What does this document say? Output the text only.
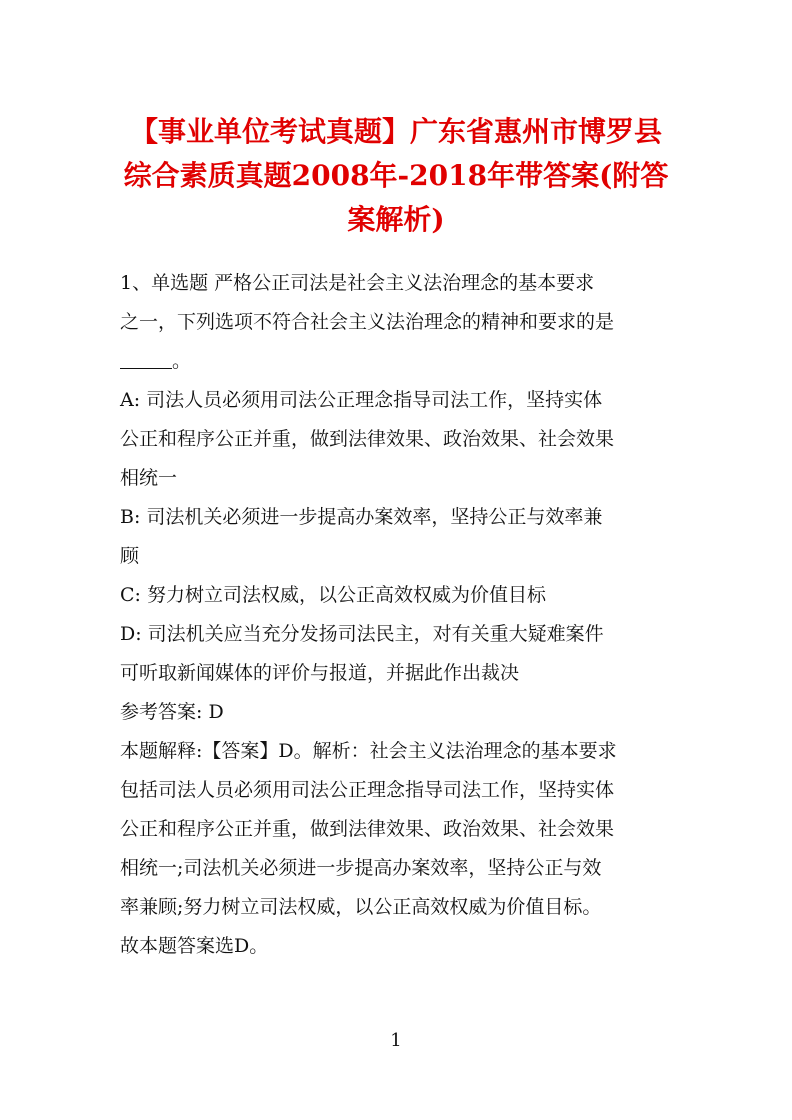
【事业单位考试真题】广东省惠州市博罗县
综合素质真题2008年-2018年带答案(附答
案解析)
1、单选题 严格公正司法是社会主义法治理念的基本要求
之一，下列选项不符合社会主义法治理念的精神和要求的是
。
A: 司法人员必须用司法公正理念指导司法工作，坚持实体
公正和程序公正并重，做到法律效果、政治效果、社会效果
相统一
B: 司法机关必须进一步提高办案效率，坚持公正与效率兼
顾
C: 努力树立司法权威，以公正高效权威为价值目标
D: 司法机关应当充分发扬司法民主，对有关重大疑难案件
可听取新闻媒体的评价与报道，并据此作出裁决
参考答案: D
本题解释:【答案】D。解析：社会主义法治理念的基本要求
包括司法人员必须用司法公正理念指导司法工作，坚持实体
公正和程序公正并重，做到法律效果、政治效果、社会效果
相统一;司法机关必须进一步提高办案效率，坚持公正与效
率兼顾;努力树立司法权威，以公正高效权威为价值目标。
故本题答案选D。
1
